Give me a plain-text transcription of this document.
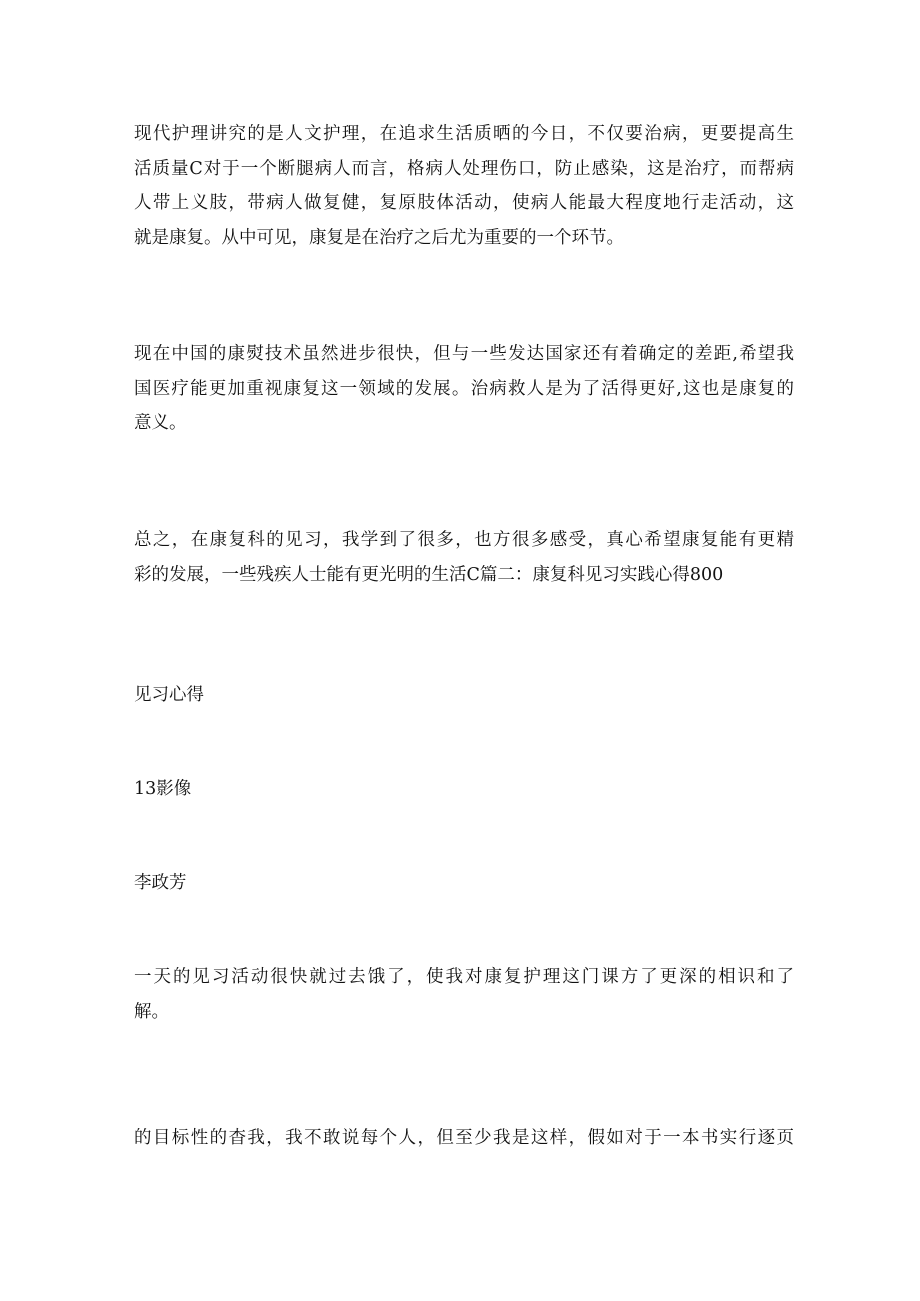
现代护理讲究的是人文护理，在追求生活质晒的今日，不仅要治病，更要提高生
活质量C对于一个断腿病人而言，格病人处理伤口，防止感染，这是治疗，而帮病
人带上义肢，带病人做复健，复原肢体活动，使病人能最大程度地行走活动，这
就是康复。从中可见，康复是在治疗之后尤为重要的一个环节。
现在中国的康熨技术虽然进步很快，但与一些发达国家还有着确定的差距,希望我
国医疗能更加重视康复这一领域的发展。治病救人是为了活得更好,这也是康复的
意义。
总之，在康复科的见习，我学到了很多，也方很多感受，真心希望康复能有更精
彩的发展，一些残疾人士能有更光明的生活C篇二：康复科见习实践心得800
见习心得
13影像
李政芳
一天的见习活动很快就过去饿了，使我对康复护理这门课方了更深的相识和了
解。
的目标性的杳我，我不敢说每个人，但至少我是这样，假如对于一本书实行逐页
